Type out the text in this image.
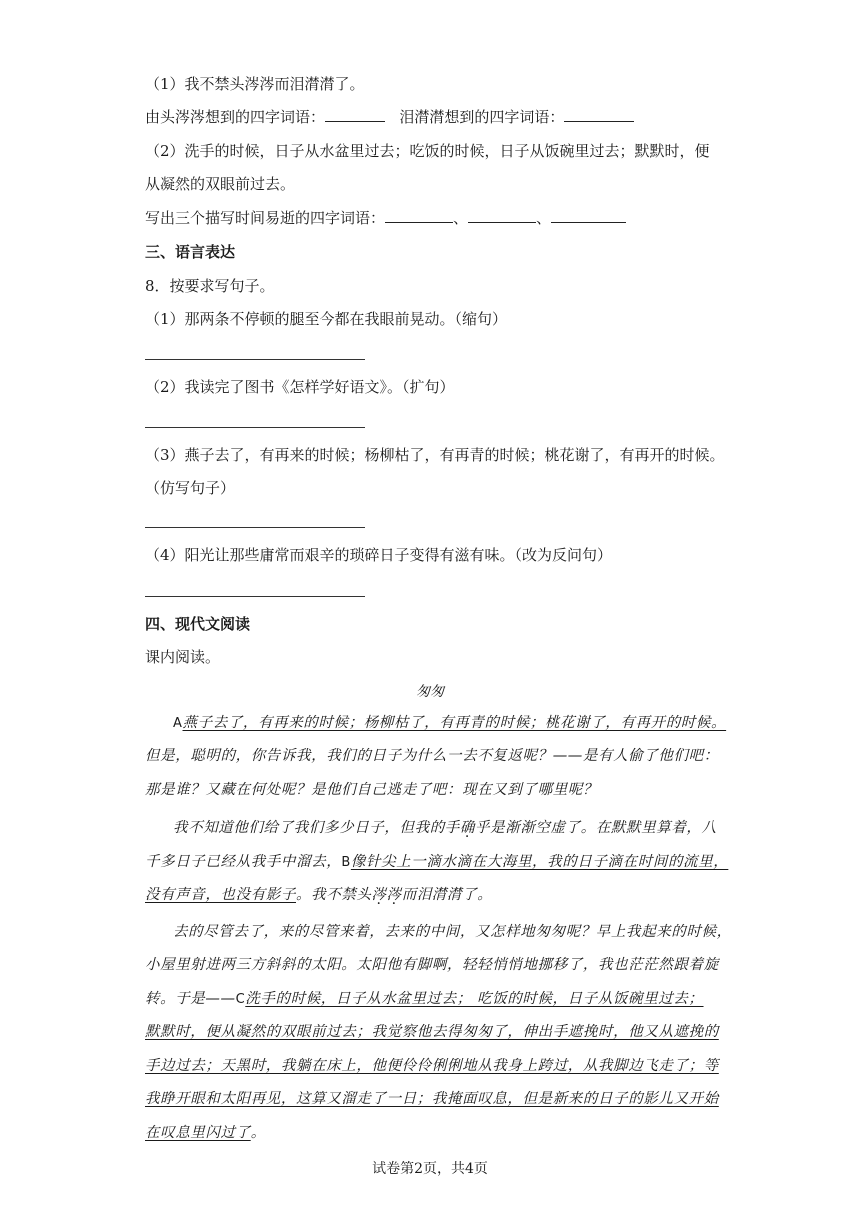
（1）我不禁头涔涔而泪潸潸了。
由头涔涔想到的四字词语：	泪潸潸想到的四字词语：
（2）洗手的时候，日子从水盆里过去；吃饭的时候，日子从饭碗里过去；默默时，便
从凝然的双眼前过去。
写出三个描写时间易逝的四字词语：	、	、
三、语言表达
8．按要求写句子。
（1）那两条不停顿的腿至今都在我眼前晃动。（缩句）
（2）我读完了图书《怎样学好语文》。（扩句）
（3）燕子去了，有再来的时候；杨柳枯了，有再青的时候；桃花谢了，有再开的时候。
（仿写句子）
（4）阳光让那些庸常而艰辛的琐碎日子变得有滋有味。（改为反问句）
四、现代文阅读
课内阅读。
匆匆
A燕子去了，有再来的时候；杨柳枯了，有再青的时候；桃花谢了，有再开的时候。
但是，聪明的，你告诉我，我们的日子为什么一去不复返呢？——是有人偷了他们吧：
那是谁？又藏在何处呢？是他们自己逃走了吧：现在又到了哪里呢？
我不知道他们给了我们多少日子，但我的手确乎是渐渐空虚了。在默默里算着，八
千多日子已经从我手中溜去，B像针尖上一滴水滴在大海里，我的日子滴在时间的流里，
没有声音，也没有影子。我不禁头涔涔而泪潸潸了。
去的尽管去了，来的尽管来着，去来的中间，又怎样地匆匆呢？早上我起来的时候，
小屋里射进两三方斜斜的太阳。太阳他有脚啊，轻轻悄悄地挪移了，我也茫茫然跟着旋
转。于是——C洗手的时候，日子从水盆里过去； 吃饭的时候，日子从饭碗里过去；
默默时，便从凝然的双眼前过去；我觉察他去得匆匆了，伸出手遮挽时，他又从遮挽的
手边过去；天黑时，我躺在床上，他便伶伶俐俐地从我身上跨过，从我脚边飞走了；等
我睁开眼和太阳再见，这算又溜走了一日；我掩面叹息，但是新来的日子的影儿又开始
在叹息里闪过了。
试卷第2页，共4页
